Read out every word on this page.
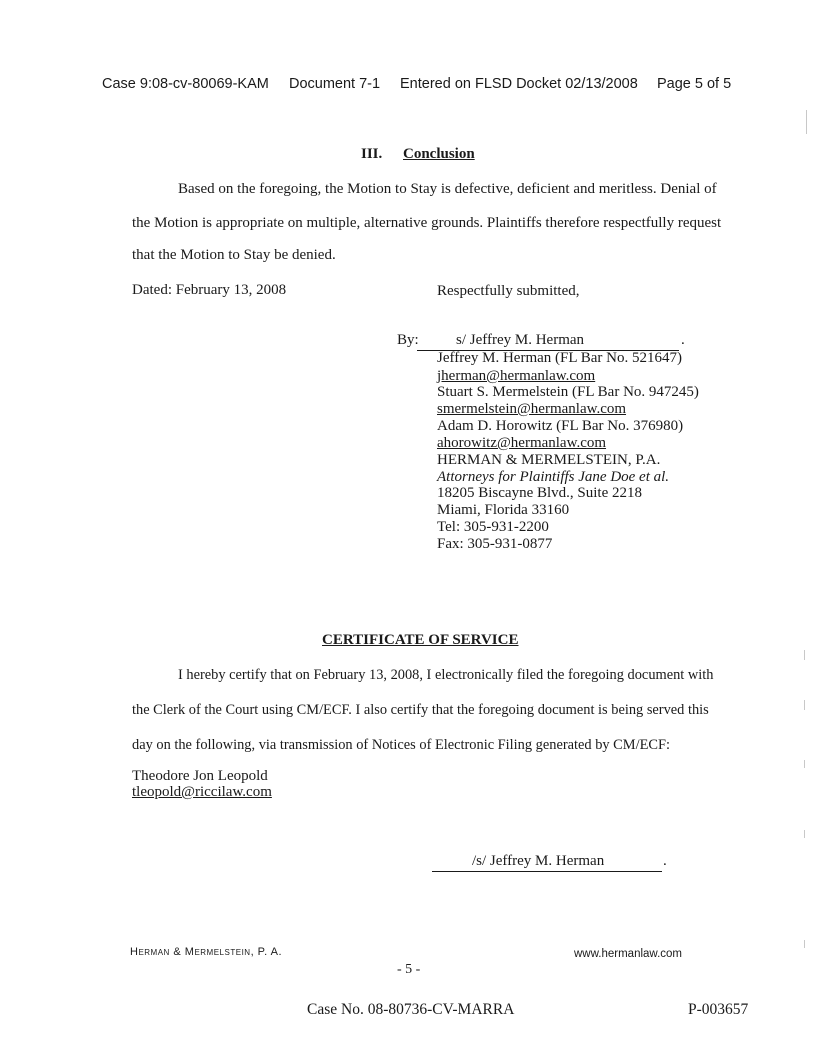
Case 9:08-cv-80069-KAM Document 7-1 Entered on FLSD Docket 02/13/2008 Page 5 of 5
III. Conclusion
Based on the foregoing, the Motion to Stay is defective, deficient and meritless. Denial of
the Motion is appropriate on multiple, alternative grounds. Plaintiffs therefore respectfully request
that the Motion to Stay be denied.
Dated: February 13, 2008	Respectfully submitted,
By: s/ Jeffrey M. Herman	.
Jeffrey M. Herman (FL Bar No. 521647)
jherman@hermanlaw.com
Stuart S. Mermelstein (FL Bar No. 947245)
smermelstein@hermanlaw.com
Adam D. Horowitz (FL Bar No. 376980)
ahorowitz@hermanlaw.com
HERMAN & MERMELSTEIN, P.A.
Attorneys for Plaintiffs Jane Doe et al.
18205 Biscayne Blvd., Suite 2218
Miami, Florida 33160
Tel: 305-931-2200
Fax: 305-931-0877
CERTIFICATE OF SERVICE
I hereby certify that on February 13, 2008, I electronically filed the foregoing document with
the Clerk of the Court using CM/ECF. I also certify that the foregoing document is being served this
day on the following, via transmission of Notices of Electronic Filing generated by CM/ECF:
Theodore Jon Leopold
tleopold@riccilaw.com
/s/ Jeffrey M. Herman	.
Herman & Mermelstein, P. A.	www.hermanlaw.com
- 5 -
Case No. 08-80736-CV-MARRA	P-003657
